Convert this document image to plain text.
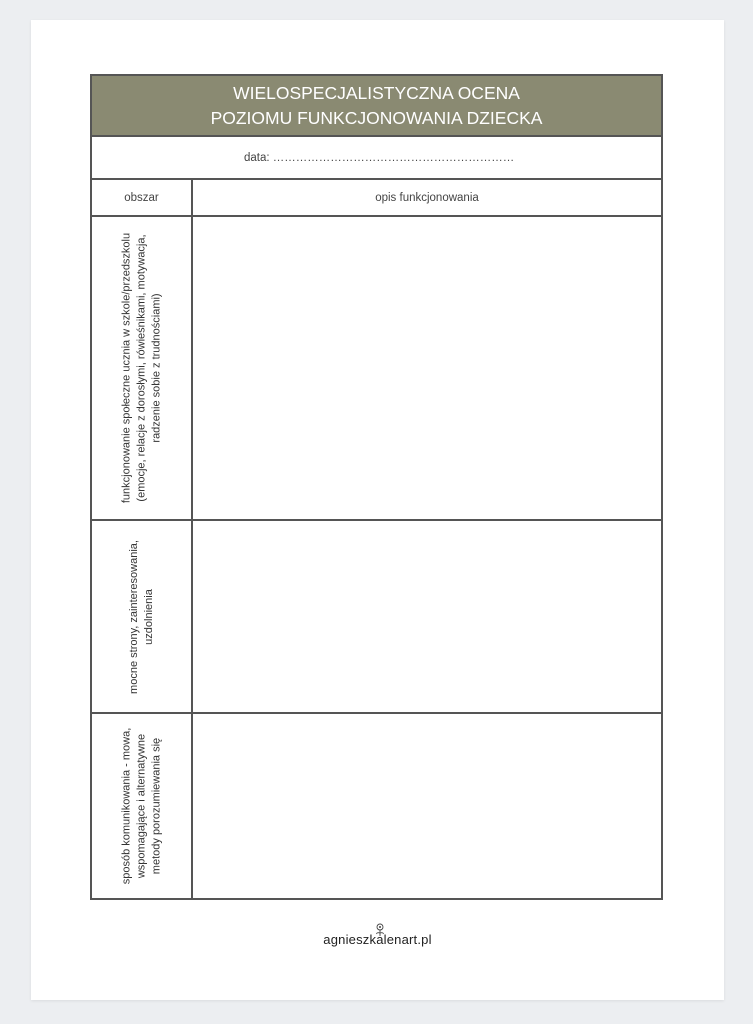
WIELOSPECJALISTYCZNA OCENA
POZIOMU FUNKCJONOWANIA DZIECKA
data: ………………………………………………………
obszar	opis funkcjonowania
funkcjonowanie społeczne ucznia w szkole/przedszkolu (emocje, relacje z dorosłymi, rówieśnikami, motywacja, radzenie sobie z trudnościami)
mocne strony, zainteresowania, uzdolnienia
sposób komunikowania - mowa, wspomagające i alternatywne metody porozumiewania się
agnieszkalenart.pl
